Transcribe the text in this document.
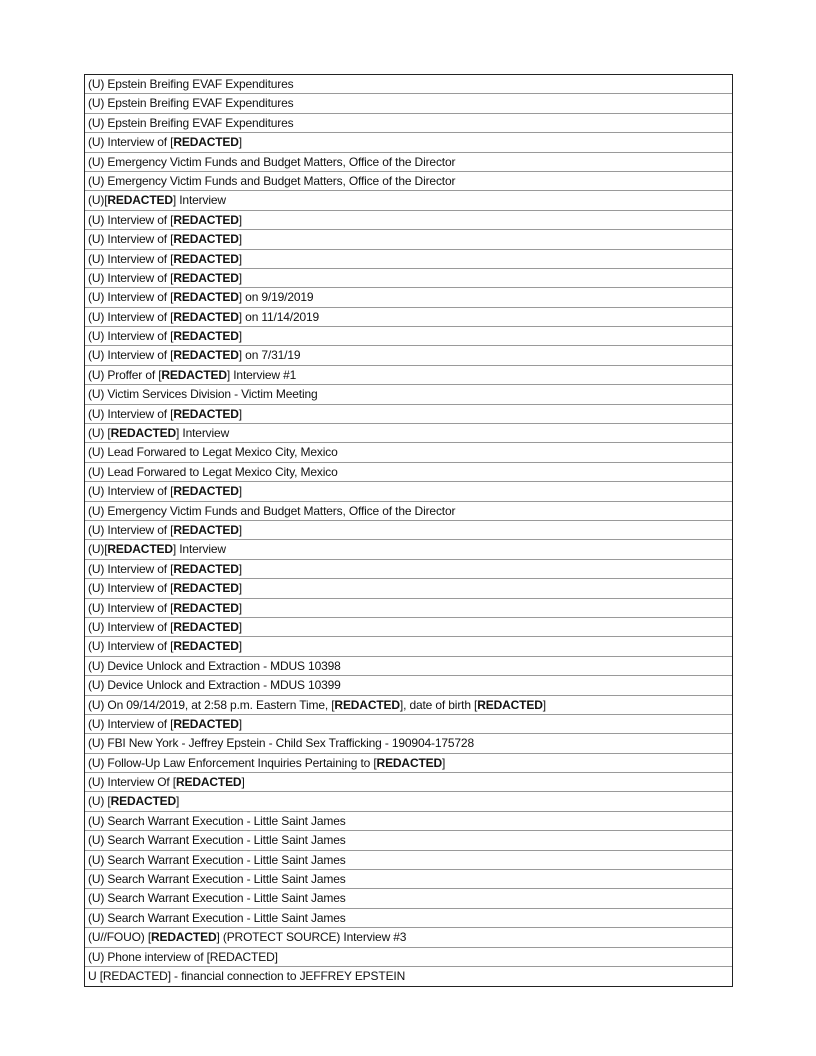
(U) Epstein Breifing EVAF Expenditures
(U) Epstein Breifing EVAF Expenditures
(U) Epstein Breifing EVAF Expenditures
(U) Interview of [REDACTED]
(U) Emergency Victim Funds and Budget Matters, Office of the Director
(U) Emergency Victim Funds and Budget Matters, Office of the Director
(U)[REDACTED] Interview
(U) Interview of [REDACTED]
(U) Interview of [REDACTED]
(U) Interview of [REDACTED]
(U) Interview of [REDACTED]
(U) Interview of [REDACTED] on 9/19/2019
(U) Interview of [REDACTED] on 11/14/2019
(U) Interview of [REDACTED]
(U) Interview of [REDACTED] on 7/31/19
(U) Proffer of [REDACTED] Interview #1
(U) Victim Services Division - Victim Meeting
(U) Interview of [REDACTED]
(U) [REDACTED] Interview
(U) Lead Forwared to Legat Mexico City, Mexico
(U) Lead Forwared to Legat Mexico City, Mexico
(U) Interview of [REDACTED]
(U) Emergency Victim Funds and Budget Matters, Office of the Director
(U) Interview of [REDACTED]
(U)[REDACTED] Interview
(U) Interview of [REDACTED]
(U) Interview of [REDACTED]
(U) Interview of [REDACTED]
(U) Interview of [REDACTED]
(U) Interview of [REDACTED]
(U) Device Unlock and Extraction - MDUS 10398
(U) Device Unlock and Extraction - MDUS 10399
(U) On 09/14/2019, at 2:58 p.m. Eastern Time, [REDACTED], date of birth [REDACTED]
(U) Interview of [REDACTED]
(U) FBI New York - Jeffrey Epstein - Child Sex Trafficking - 190904-175728
(U) Follow-Up Law Enforcement Inquiries Pertaining to [REDACTED]
(U) Interview Of [REDACTED]
(U) [REDACTED]
(U) Search Warrant Execution - Little Saint James
(U) Search Warrant Execution - Little Saint James
(U) Search Warrant Execution - Little Saint James
(U) Search Warrant Execution - Little Saint James
(U) Search Warrant Execution - Little Saint James
(U) Search Warrant Execution - Little Saint James
(U//FOUO) [REDACTED] (PROTECT SOURCE) Interview #3
(U) Phone interview of [REDACTED]
U [REDACTED] - financial connection to JEFFREY EPSTEIN
